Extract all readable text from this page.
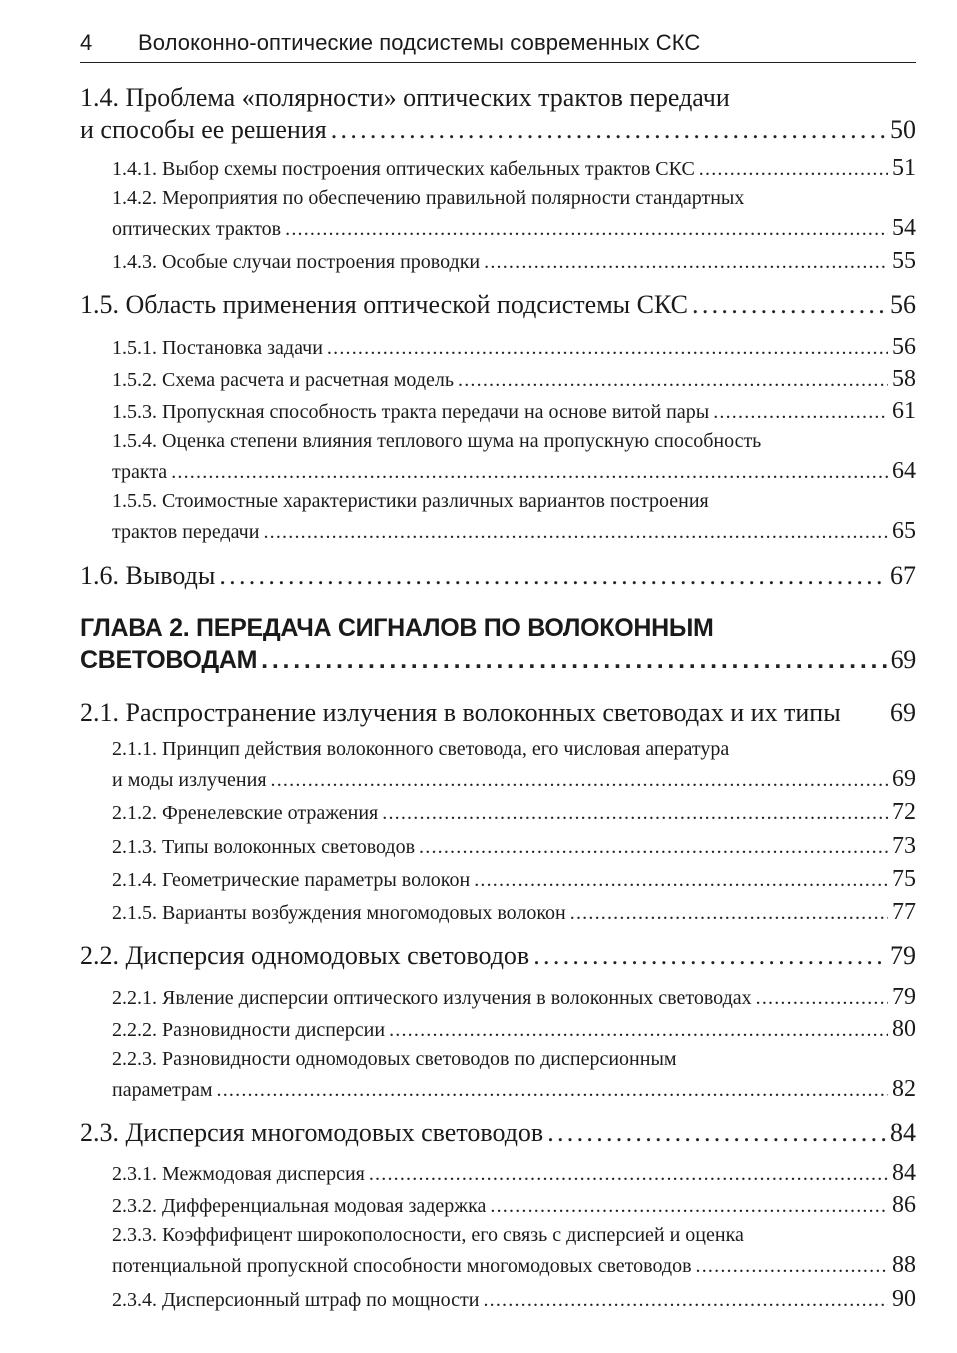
4 Волоконно-оптические подсистемы современных СКС
1.4. Проблема «полярности» оптических трактов передачи
и способы ее решения . . .	50
1.4.1. Выбор схемы построения оптических кабельных трактов СКС . . .	51
1.4.2. Мероприятия по обеспечению правильной полярности стандартных
оптических трактов . . .	54
1.4.3. Особые случаи построения проводки . . .	55
1.5. Область применения оптической подсистемы СКС . . .	56
1.5.1. Постановка задачи . . .	56
1.5.2. Схема расчета и расчетная модель . . .	58
1.5.3. Пропускная способность тракта передачи на основе витой пары . . .	61
1.5.4. Оценка степени влияния теплового шума на пропускную способность
тракта . . .	64
1.5.5. Стоимостные характеристики различных вариантов построения
трактов передачи . . .	65
1.6. Выводы . . .	67
ГЛАВА 2. ПЕРЕДАЧА СИГНАЛОВ ПО ВОЛОКОННЫМ
СВЕТОВОДАМ . . .	69
2.1. Распространение излучения в волоконных световодах и их типы	69
2.1.1. Принцип действия волоконного световода, его числовая апература
и моды излучения . . .	69
2.1.2. Френелевские отражения . . .	72
2.1.3. Типы волоконных световодов . . .	73
2.1.4. Геометрические параметры волокон . . .	75
2.1.5. Варианты возбуждения многомодовых волокон . . .	77
2.2. Дисперсия одномодовых световодов . . .	79
2.2.1. Явление дисперсии оптического излучения в волоконных световодах . . .	79
2.2.2. Разновидности дисперсии . . .	80
2.2.3. Разновидности одномодовых световодов по дисперсионным
параметрам . . .	82
2.3. Дисперсия многомодовых световодов . . .	84
2.3.1. Межмодовая дисперсия . . .	84
2.3.2. Дифференциальная модовая задержка . . .	86
2.3.3. Коэффифицент широкополосности, его связь с дисперсией и оценка
потенциальной пропускной способности многомодовых световодов . . .	88
2.3.4. Дисперсионный штраф по мощности . . .	90
